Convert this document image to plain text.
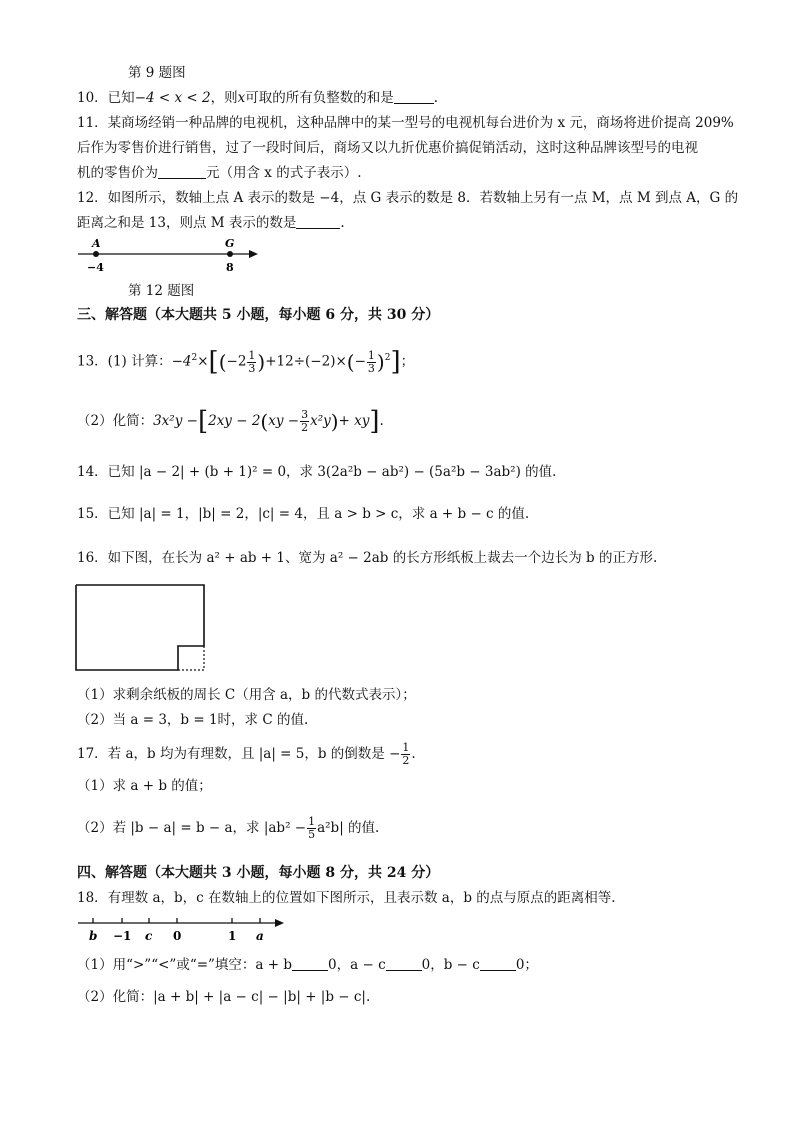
第 9 题图
10．已知−4 < x < 2，则x可取的所有负整数的和是	.
11．某商场经销一种品牌的电视机，这种品牌中的某一型号的电视机每台进价为 x 元，商场将进价提高 209%
后作为零售价进行销售，过了一段时间后，商场又以九折优惠价搞促销活动，这时这种品牌该型号的电视
机的零售价为	元（用含 x 的式子表示）.
12．如图所示，数轴上点 A 表示的数是 −4，点 G 表示的数是 8．若数轴上另有一点 M，点 M 到点 A，G 的
距离之和是 13，则点 M 表示的数是	.
A	G
−4	8
第 12 题图
三、解答题（本大题共 5 小题，每小题 6 分，共 30 分）
13．(1) 计算：$-4^2\times[(-2 \frac{1}{3} )+12\div(-2)\times(- \frac{1}{3} )^2]$；
（2）化简：$3x^2y -[2xy - 2(xy - \frac{3}{2} x^2y)+ xy]$.
14．已知 |a − 2| + (b + 1)² = 0，求 3(2a²b − ab²) − (5a²b − 3ab²) 的值.
15．已知 |a| = 1，|b| = 2，|c| = 4，且 a > b > c，求 a + b − c 的值.
16．如下图，在长为 a² + ab + 1、宽为 a² − 2ab 的长方形纸板上裁去一个边长为 b 的正方形.
（1）求剩余纸板的周长 C（用含 a，b 的代数式表示）；
（2）当 a = 3，b = 1时，求 C 的值.
17．若 a，b 均为有理数，且 |a| = 5，b 的倒数是 − $\frac{1}{2}$ .
（1）求 a + b 的值；
（2）若 |b − a| = b − a，求 $|ab^2 - \frac{1}{5} a^2b|$ 的值.
四、解答题（本大题共 3 小题，每小题 8 分，共 24 分）
18．有理数 a，b，c 在数轴上的位置如下图所示，且表示数 a，b 的点与原点的距离相等.
b −1 c 0	1 a
（1）用“>”“<”或“=”填空：a + b	0，a − c	0，b − c	0；
（2）化简：|a + b| + |a − c| − |b| + |b − c|.
